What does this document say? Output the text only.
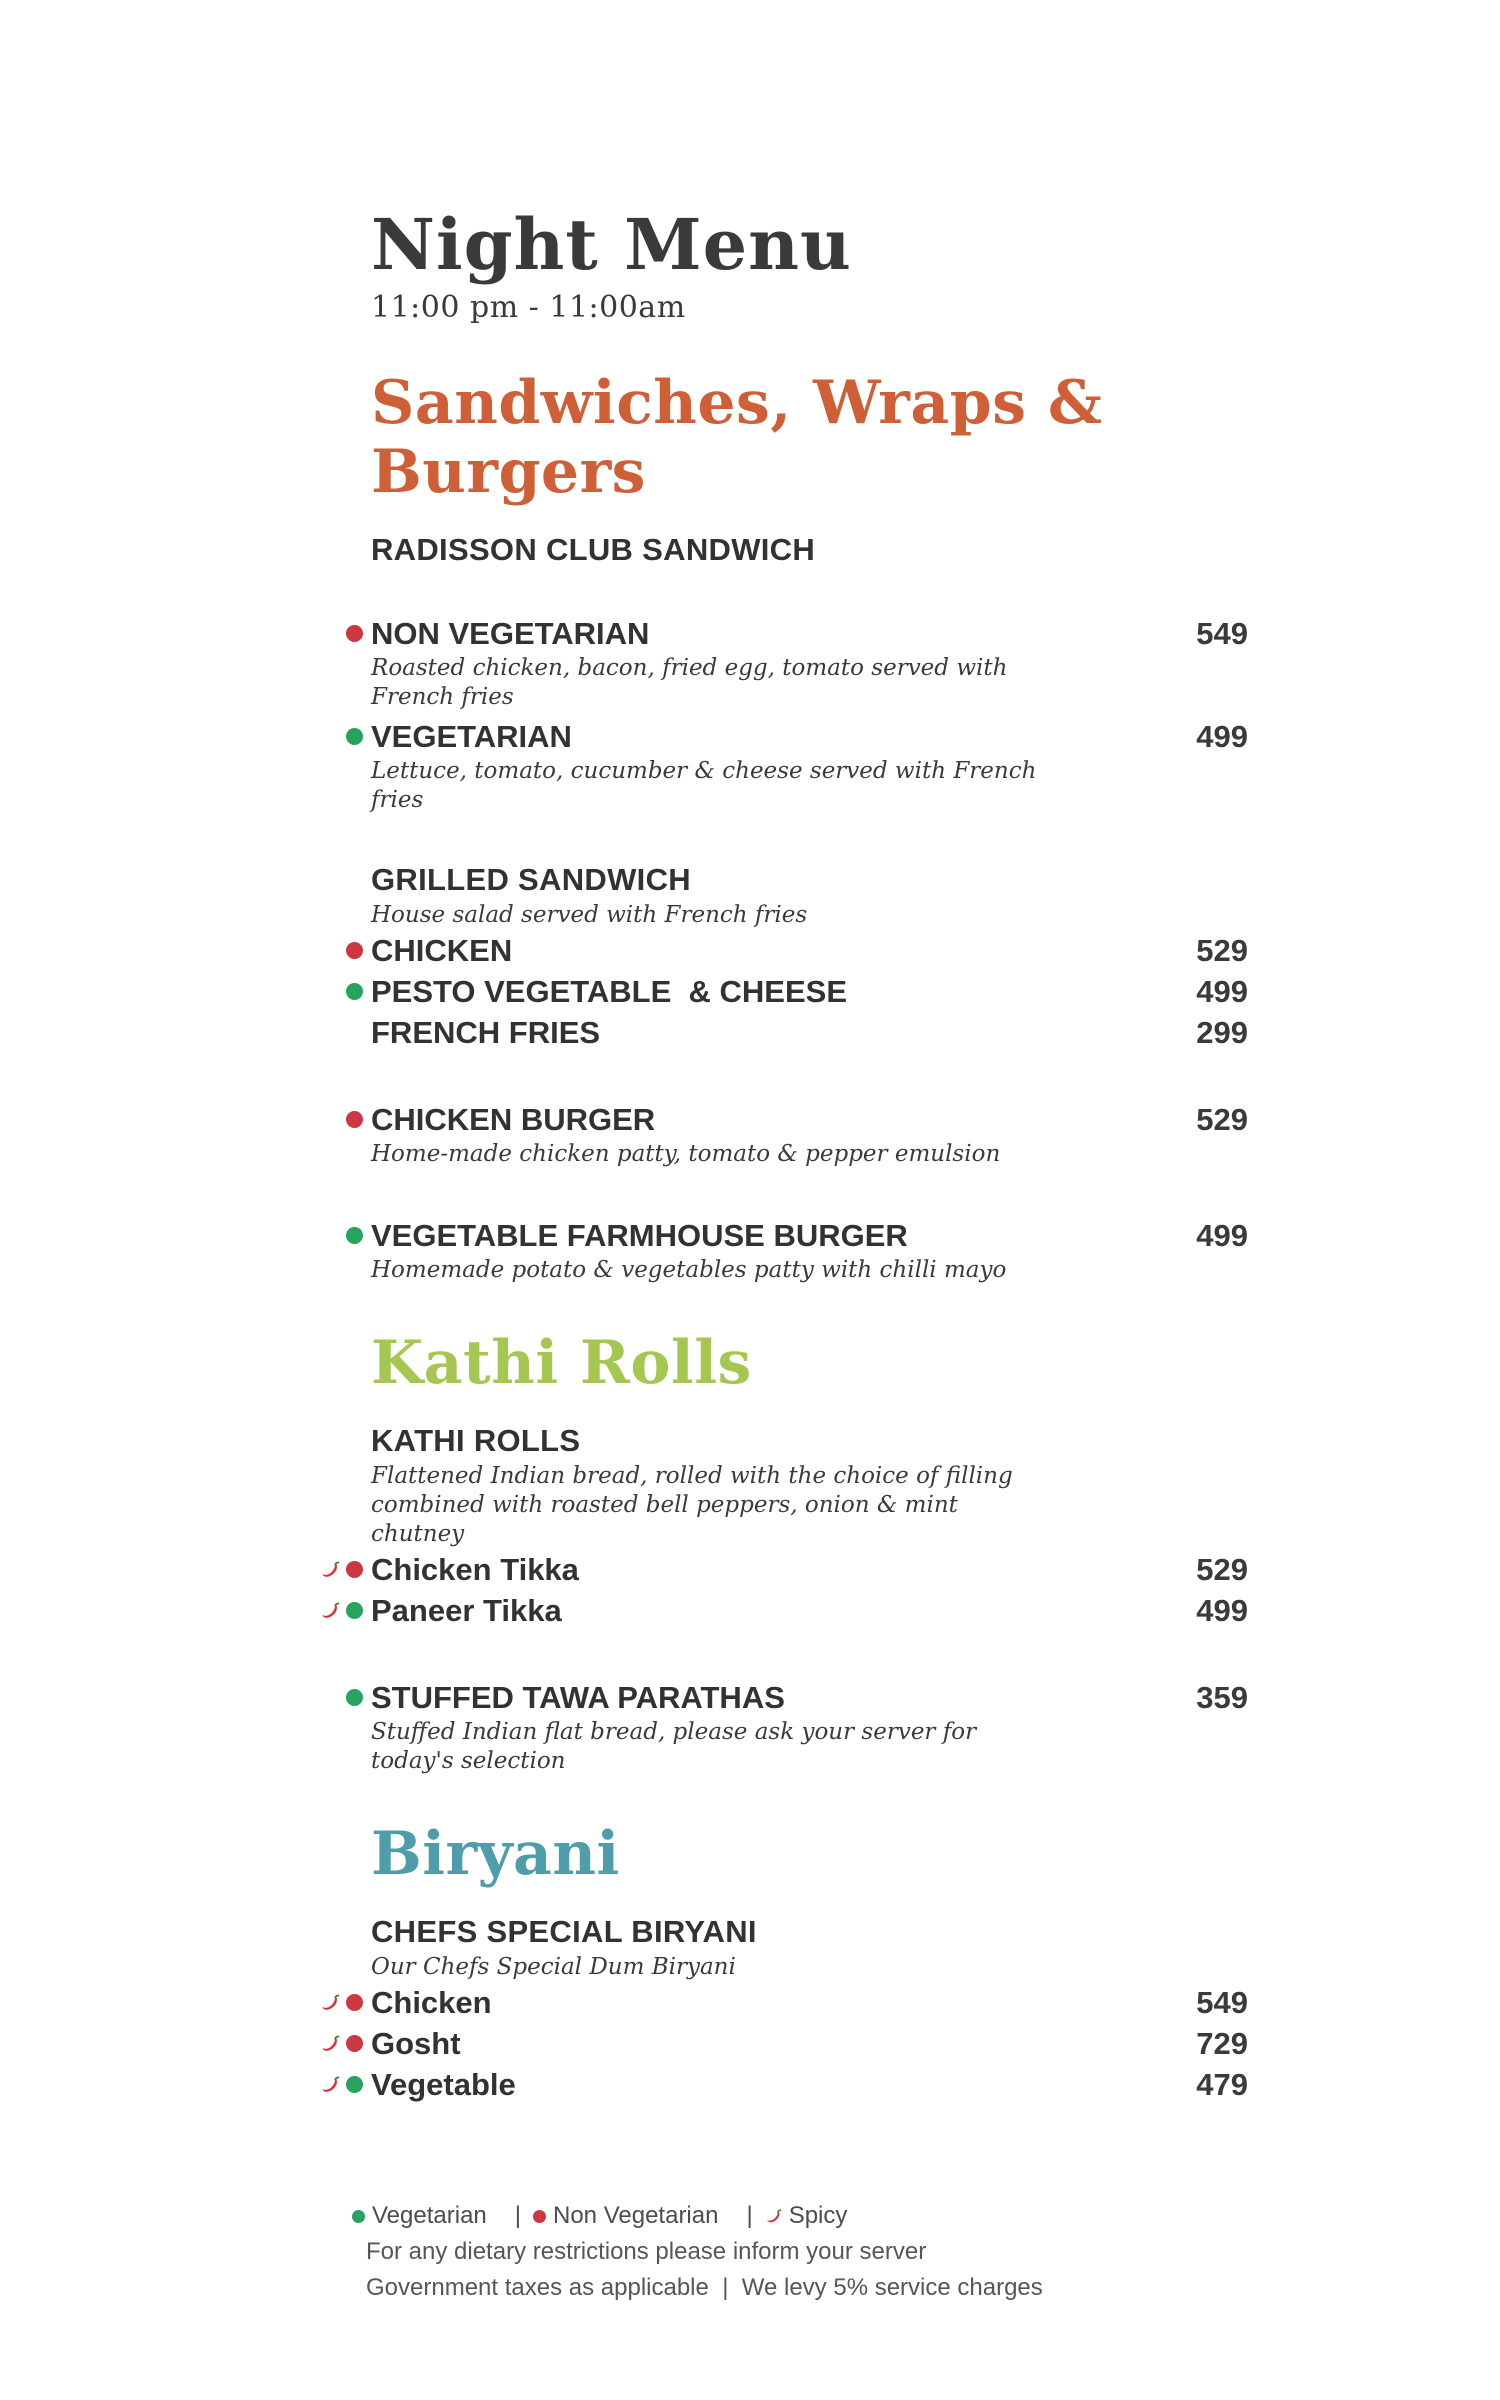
Night Menu
11:00 pm - 11:00am
Sandwiches, Wraps & Burgers
RADISSON CLUB SANDWICH
NON VEGETARIAN	549
Roasted chicken, bacon, fried egg, tomato served with French fries
VEGETARIAN	499
Lettuce, tomato, cucumber & cheese served with French fries
GRILLED SANDWICH
House salad served with French fries
CHICKEN	529
PESTO VEGETABLE  & CHEESE	499
FRENCH FRIES	299
CHICKEN BURGER	529
Home-made chicken patty, tomato & pepper emulsion
VEGETABLE FARMHOUSE BURGER	499
Homemade potato & vegetables patty with chilli mayo
Kathi Rolls
KATHI ROLLS
Flattened Indian bread, rolled with the choice of filling combined with roasted bell peppers, onion & mint chutney
Chicken Tikka	529
Paneer Tikka	499
STUFFED TAWA PARATHAS	359
Stuffed Indian flat bread, please ask your server for today's selection
Biryani
CHEFS SPECIAL BIRYANI
Our Chefs Special Dum Biryani
Chicken	549
Gosht	729
Vegetable	479
Vegetarian | Non Vegetarian | Spicy
For any dietary restrictions please inform your server
Government taxes as applicable  |  We levy 5% service charges
